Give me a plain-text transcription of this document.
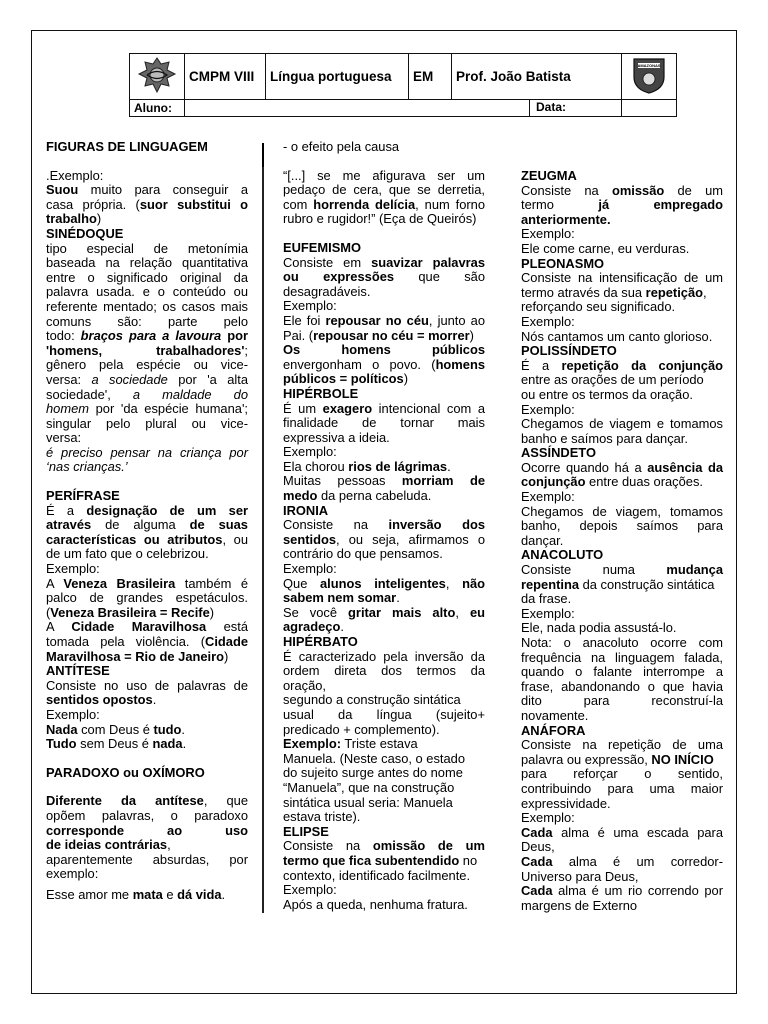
	CMPM VIII	Língua portuguesa	EM	Prof. João Batista	AMAZONAS

Aluno:	Data:				

FIGURAS DE LINGUAGEM

.Exemplo:

Suou muito para conseguir a

casa própria. (suor substitui o

trabalho)

SINÉDOQUE

tipo especial de metonímia

baseada na relação quantitativa

entre o significado original da

palavra usada. e o conteúdo ou

referente mentado; os casos mais

comuns são: parte pelo

todo: braços para a lavoura por

'homens, trabalhadores';

gênero pela espécie ou vice-

versa: a sociedade por 'a alta

sociedade', a maldade do

homem por 'da espécie humana';

singular pelo plural ou vice-

versa:

é preciso pensar na criança por

‘nas crianças.’

PERÍFRASE

É a designação de um ser

através de alguma de suas

características ou atributos, ou

de um fato que o celebrizou.

Exemplo:

A Veneza Brasileira também é

palco de grandes espetáculos.

(Veneza Brasileira = Recife)

A Cidade Maravilhosa está

tomada pela violência. (Cidade

Maravilhosa = Rio de Janeiro)

ANTÍTESE

Consiste no uso de palavras de

sentidos opostos.

Exemplo:

Nada com Deus é tudo.

Tudo sem Deus é nada.

PARADOXO ou OXÍMORO

Diferente da antítese, que

opõem palavras, o paradoxo

corresponde ao uso

de ideias contrárias,

aparentemente absurdas, por

exemplo:

Esse amor me mata e dá vida.

- o efeito pela causa

“[...] se me afigurava ser um

pedaço de cera, que se derretia,

com horrenda delícia, num forno

rubro e rugidor!” (Eça de Queirós)

EUFEMISMO

Consiste em suavizar palavras

ou expressões que são

desagradáveis.

Exemplo:

Ele foi repousar no céu, junto ao

Pai. (repousar no céu = morrer)

Os homens públicos

envergonham o povo. (homens

públicos = políticos)

HIPÉRBOLE

É um exagero intencional com a

finalidade de tornar mais

expressiva a ideia.

Exemplo:

Ela chorou rios de lágrimas.

Muitas pessoas morriam de

medo da perna cabeluda.

IRONIA

Consiste na inversão dos

sentidos, ou seja, afirmamos o

contrário do que pensamos.

Exemplo:

Que alunos inteligentes, não

sabem nem somar.

Se você gritar mais alto, eu

agradeço.

HIPÉRBATO

É caracterizado pela inversão da

ordem direta dos termos da

oração,

segundo a construção sintática

usual da língua (sujeito+

predicado + complemento).

Exemplo: Triste estava

Manuela. (Neste caso, o estado

do sujeito surge antes do nome

“Manuela”, que na construção

sintática usual seria: Manuela

estava triste).

ELIPSE

Consiste na omissão de um

termo que fica subentendido no

contexto, identificado facilmente.

Exemplo:

Após a queda, nenhuma fratura.

ZEUGMA

Consiste na omissão de um

termo já empregado

anteriormente.

Exemplo:

Ele come carne, eu verduras.

PLEONASMO

Consiste na intensificação de um

termo através da sua repetição,

reforçando seu significado.

Exemplo:

Nós cantamos um canto glorioso.

POLISSÍNDETO

É a repetição da conjunção

entre as orações de um período

ou entre os termos da oração.

Exemplo:

Chegamos de viagem e tomamos

banho e saímos para dançar.

ASSÍNDETO

Ocorre quando há a ausência da

conjunção entre duas orações.

Exemplo:

Chegamos de viagem, tomamos

banho, depois saímos para

dançar.

ANACOLUTO

Consiste numa mudança

repentina da construção sintática

da frase.

Exemplo:

Ele, nada podia assustá-lo.

Nota: o anacoluto ocorre com

frequência na linguagem falada,

quando o falante interrompe a

frase, abandonando o que havia

dito para reconstruí-la

novamente.

ANÁFORA

Consiste na repetição de uma

palavra ou expressão, NO INÍCIO

para reforçar o sentido,

contribuindo para uma maior

expressividade.

Exemplo:

Cada alma é uma escada para

Deus,

Cada alma é um corredor-

Universo para Deus,

Cada alma é um rio correndo por

margens de Externo
